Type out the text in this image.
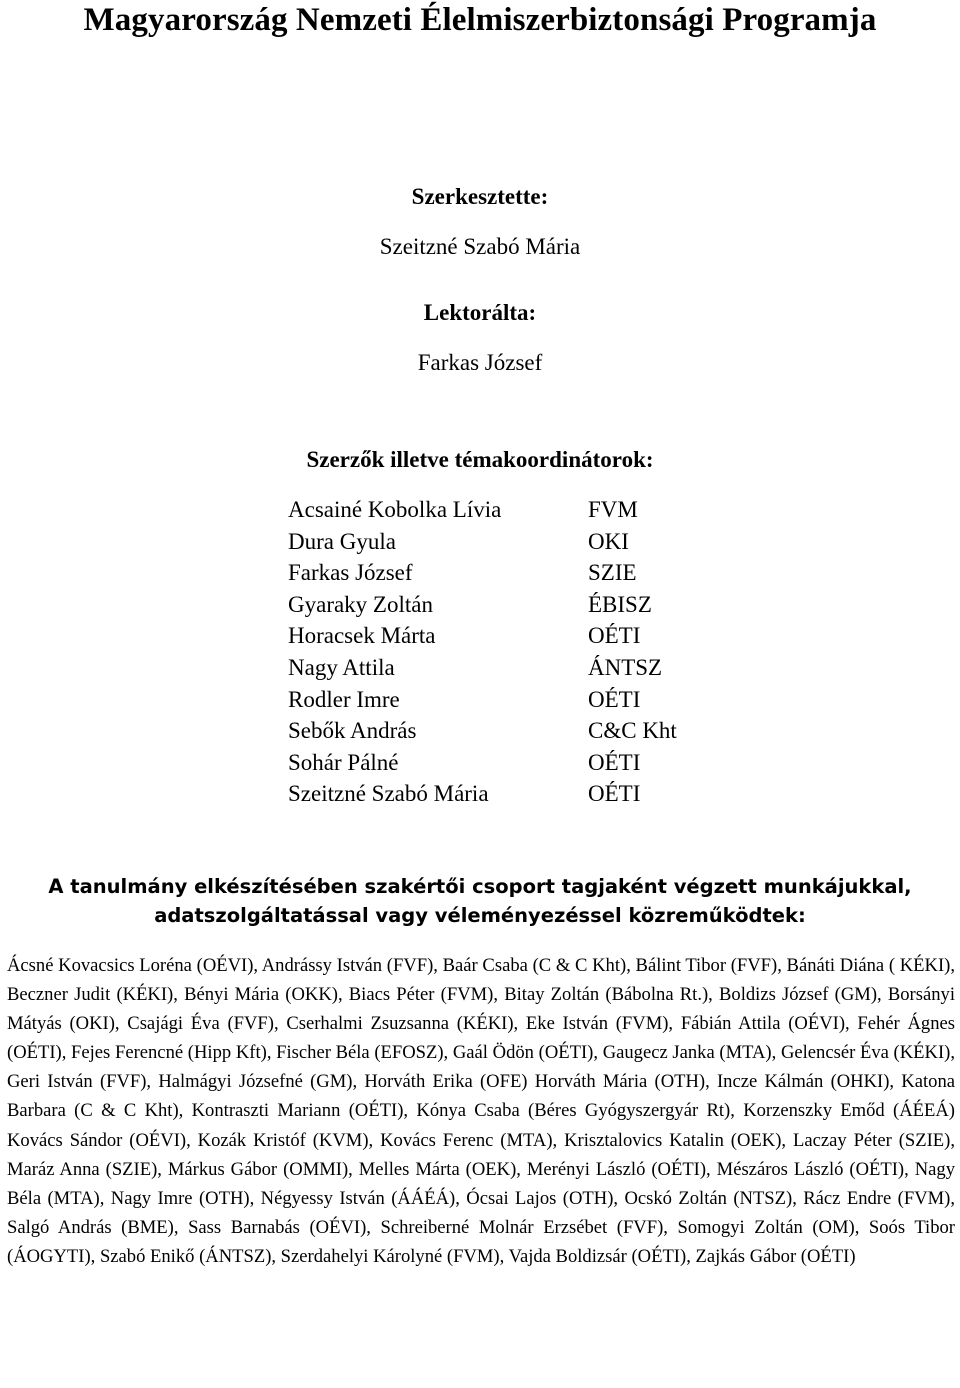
Magyarország Nemzeti Élelmiszerbiztonsági Programja

Szerkesztette:

Szeitzné Szabó Mária

Lektorálta:

Farkas József

Szerzők illetve témakoordinátorok:

Acsainé Kobolka Lívia	FVM
Dura Gyula	OKI
Farkas József	SZIE
Gyaraky Zoltán	ÉBISZ
Horacsek Márta	OÉTI
Nagy Attila	ÁNTSZ
Rodler Imre	OÉTI
Sebők András	C&C Kht
Sohár Pálné	OÉTI
Szeitzné Szabó Mária	OÉTI

A tanulmány elkészítésében szakértői csoport tagjaként végzett munkájukkal, adatszolgáltatással vagy véleményezéssel közreműködtek:

Ácsné Kovacsics Loréna (OÉVI), Andrássy István (FVF), Baár Csaba (C & C Kht), Bálint Tibor (FVF), Bánáti Diána ( KÉKI), Beczner Judit (KÉKI), Bényi Mária (OKK), Biacs Péter (FVM), Bitay Zoltán (Bábolna Rt.), Boldizs József (GM), Borsányi Mátyás (OKI), Csajági Éva (FVF), Cserhalmi Zsuzsanna (KÉKI), Eke István (FVM), Fábián Attila (OÉVI), Fehér Ágnes (OÉTI), Fejes Ferencné (Hipp Kft), Fischer Béla (EFOSZ), Gaál Ödön (OÉTI), Gaugecz Janka (MTA), Gelencsér Éva (KÉKI), Geri István (FVF), Halmágyi Józsefné (GM), Horváth Erika (OFE) Horváth Mária (OTH), Incze Kálmán (OHKI), Katona Barbara (C & C Kht), Kontraszti Mariann (OÉTI), Kónya Csaba (Béres Gyógyszergyár Rt), Korzenszky Emőd (ÁÉEÁ) Kovács Sándor (OÉVI), Kozák Kristóf (KVM), Kovács Ferenc (MTA), Krisztalovics Katalin (OEK), Laczay Péter (SZIE), Maráz Anna (SZIE), Márkus Gábor (OMMI), Melles Márta (OEK), Merényi László (OÉTI), Mészáros László (OÉTI), Nagy Béla (MTA), Nagy Imre (OTH), Négyessy István (ÁÁÉÁ), Ócsai Lajos (OTH), Ocskó Zoltán (NTSZ), Rácz Endre (FVM), Salgó András (BME), Sass Barnabás (OÉVI), Schreiberné Molnár Erzsébet (FVF), Somogyi Zoltán (OM), Soós Tibor (ÁOGYTI), Szabó Enikő (ÁNTSZ), Szerdahelyi Károlyné (FVM), Vajda Boldizsár (OÉTI), Zajkás Gábor (OÉTI)
